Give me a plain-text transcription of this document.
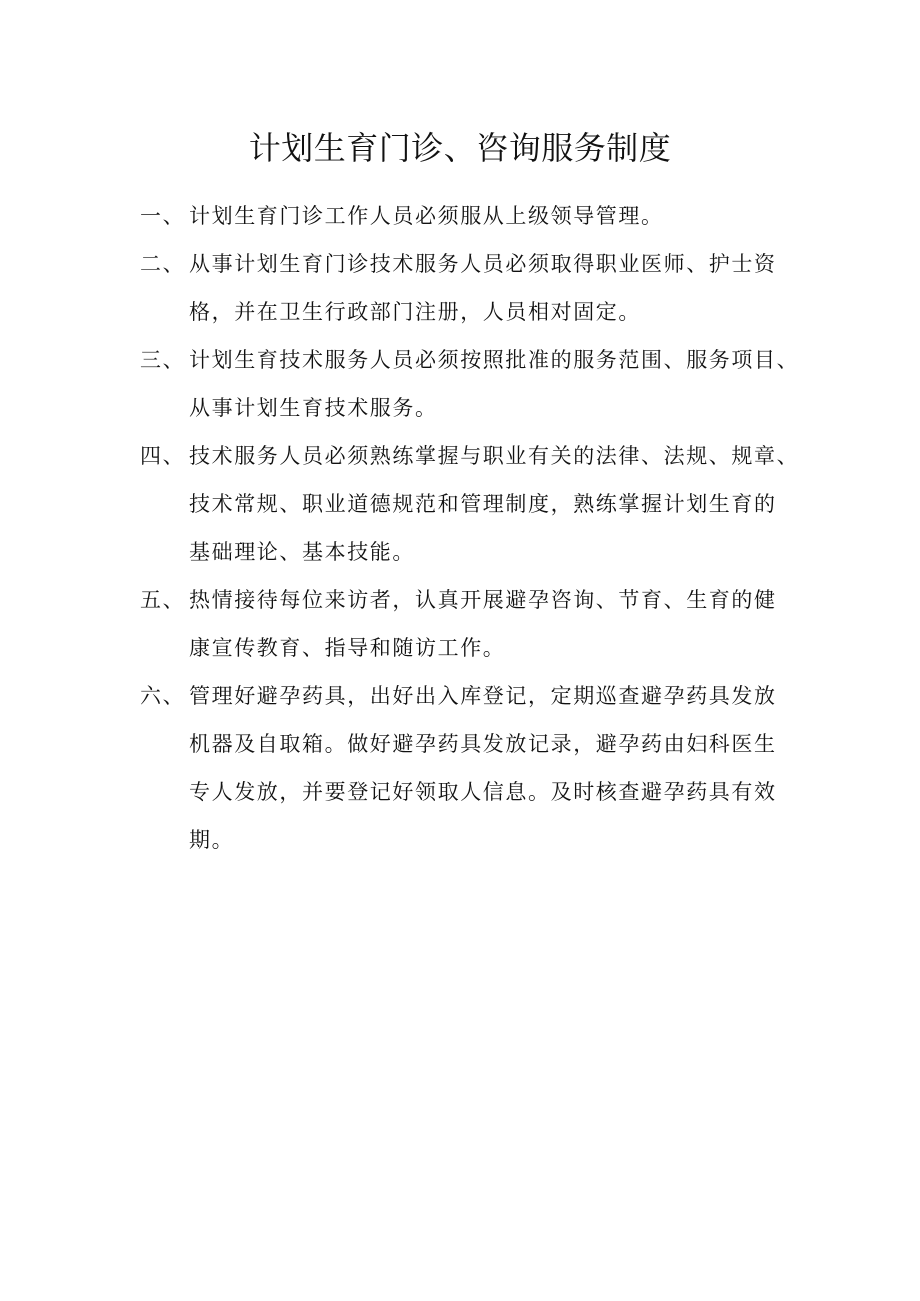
计划生育门诊、咨询服务制度
一、 计划生育门诊工作人员必须服从上级领导管理。
二、 从事计划生育门诊技术服务人员必须取得职业医师、护士资
格，并在卫生行政部门注册，人员相对固定。
三、 计划生育技术服务人员必须按照批准的服务范围、服务项目、
从事计划生育技术服务。
四、 技术服务人员必须熟练掌握与职业有关的法律、法规、规章、
技术常规、职业道德规范和管理制度，熟练掌握计划生育的
基础理论、基本技能。
五、 热情接待每位来访者，认真开展避孕咨询、节育、生育的健
康宣传教育、指导和随访工作。
六、 管理好避孕药具，出好出入库登记，定期巡查避孕药具发放
机器及自取箱。做好避孕药具发放记录，避孕药由妇科医生
专人发放，并要登记好领取人信息。及时核查避孕药具有效
期。
